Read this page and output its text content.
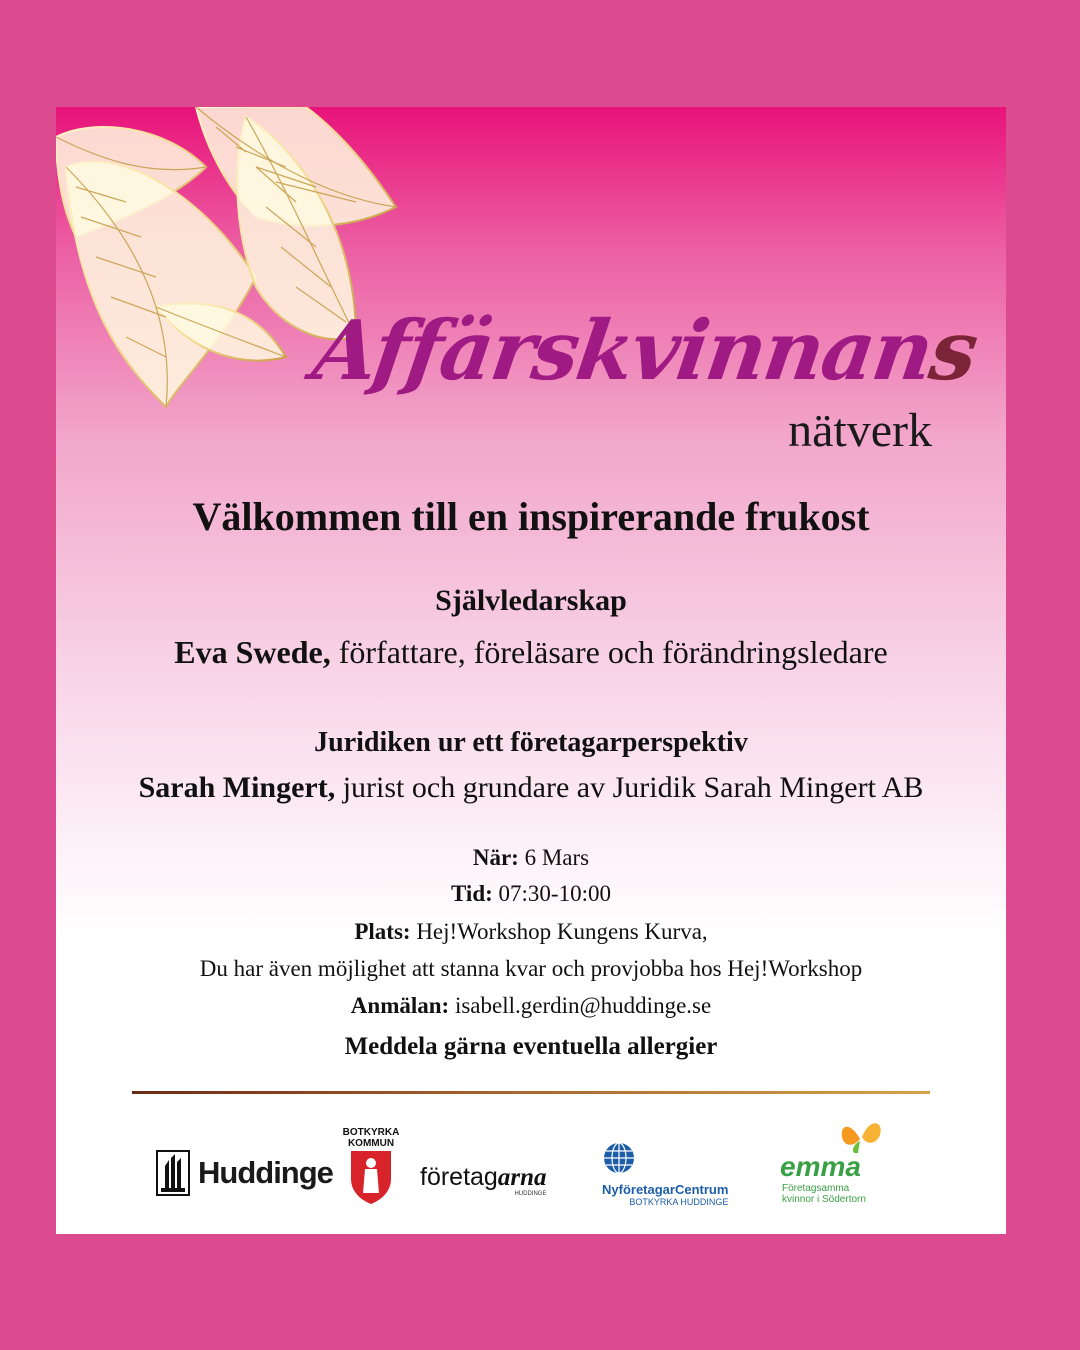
Affärskvinnans
nätverk
Välkommen till en inspirerande frukost
Självledarskap
Eva Swede, författare, föreläsare och förändringsledare
Juridiken ur ett företagarperspektiv
Sarah Mingert, jurist och grundare av Juridik Sarah Mingert AB
När: 6 Mars
Tid: 07:30-10:00
Plats: Hej!Workshop Kungens Kurva,
Du har även möjlighet att stanna kvar och provjobba hos Hej!Workshop
Anmälan: isabell.gerdin@huddinge.se
Meddela gärna eventuella allergier
Huddinge
BOTKYRKA KOMMUN
företagarna
HUDDINGE	NyföretagarCentrum
BOTKYRKA HUDDINGE
emma
Företagsamma kvinnor i Södertorn
